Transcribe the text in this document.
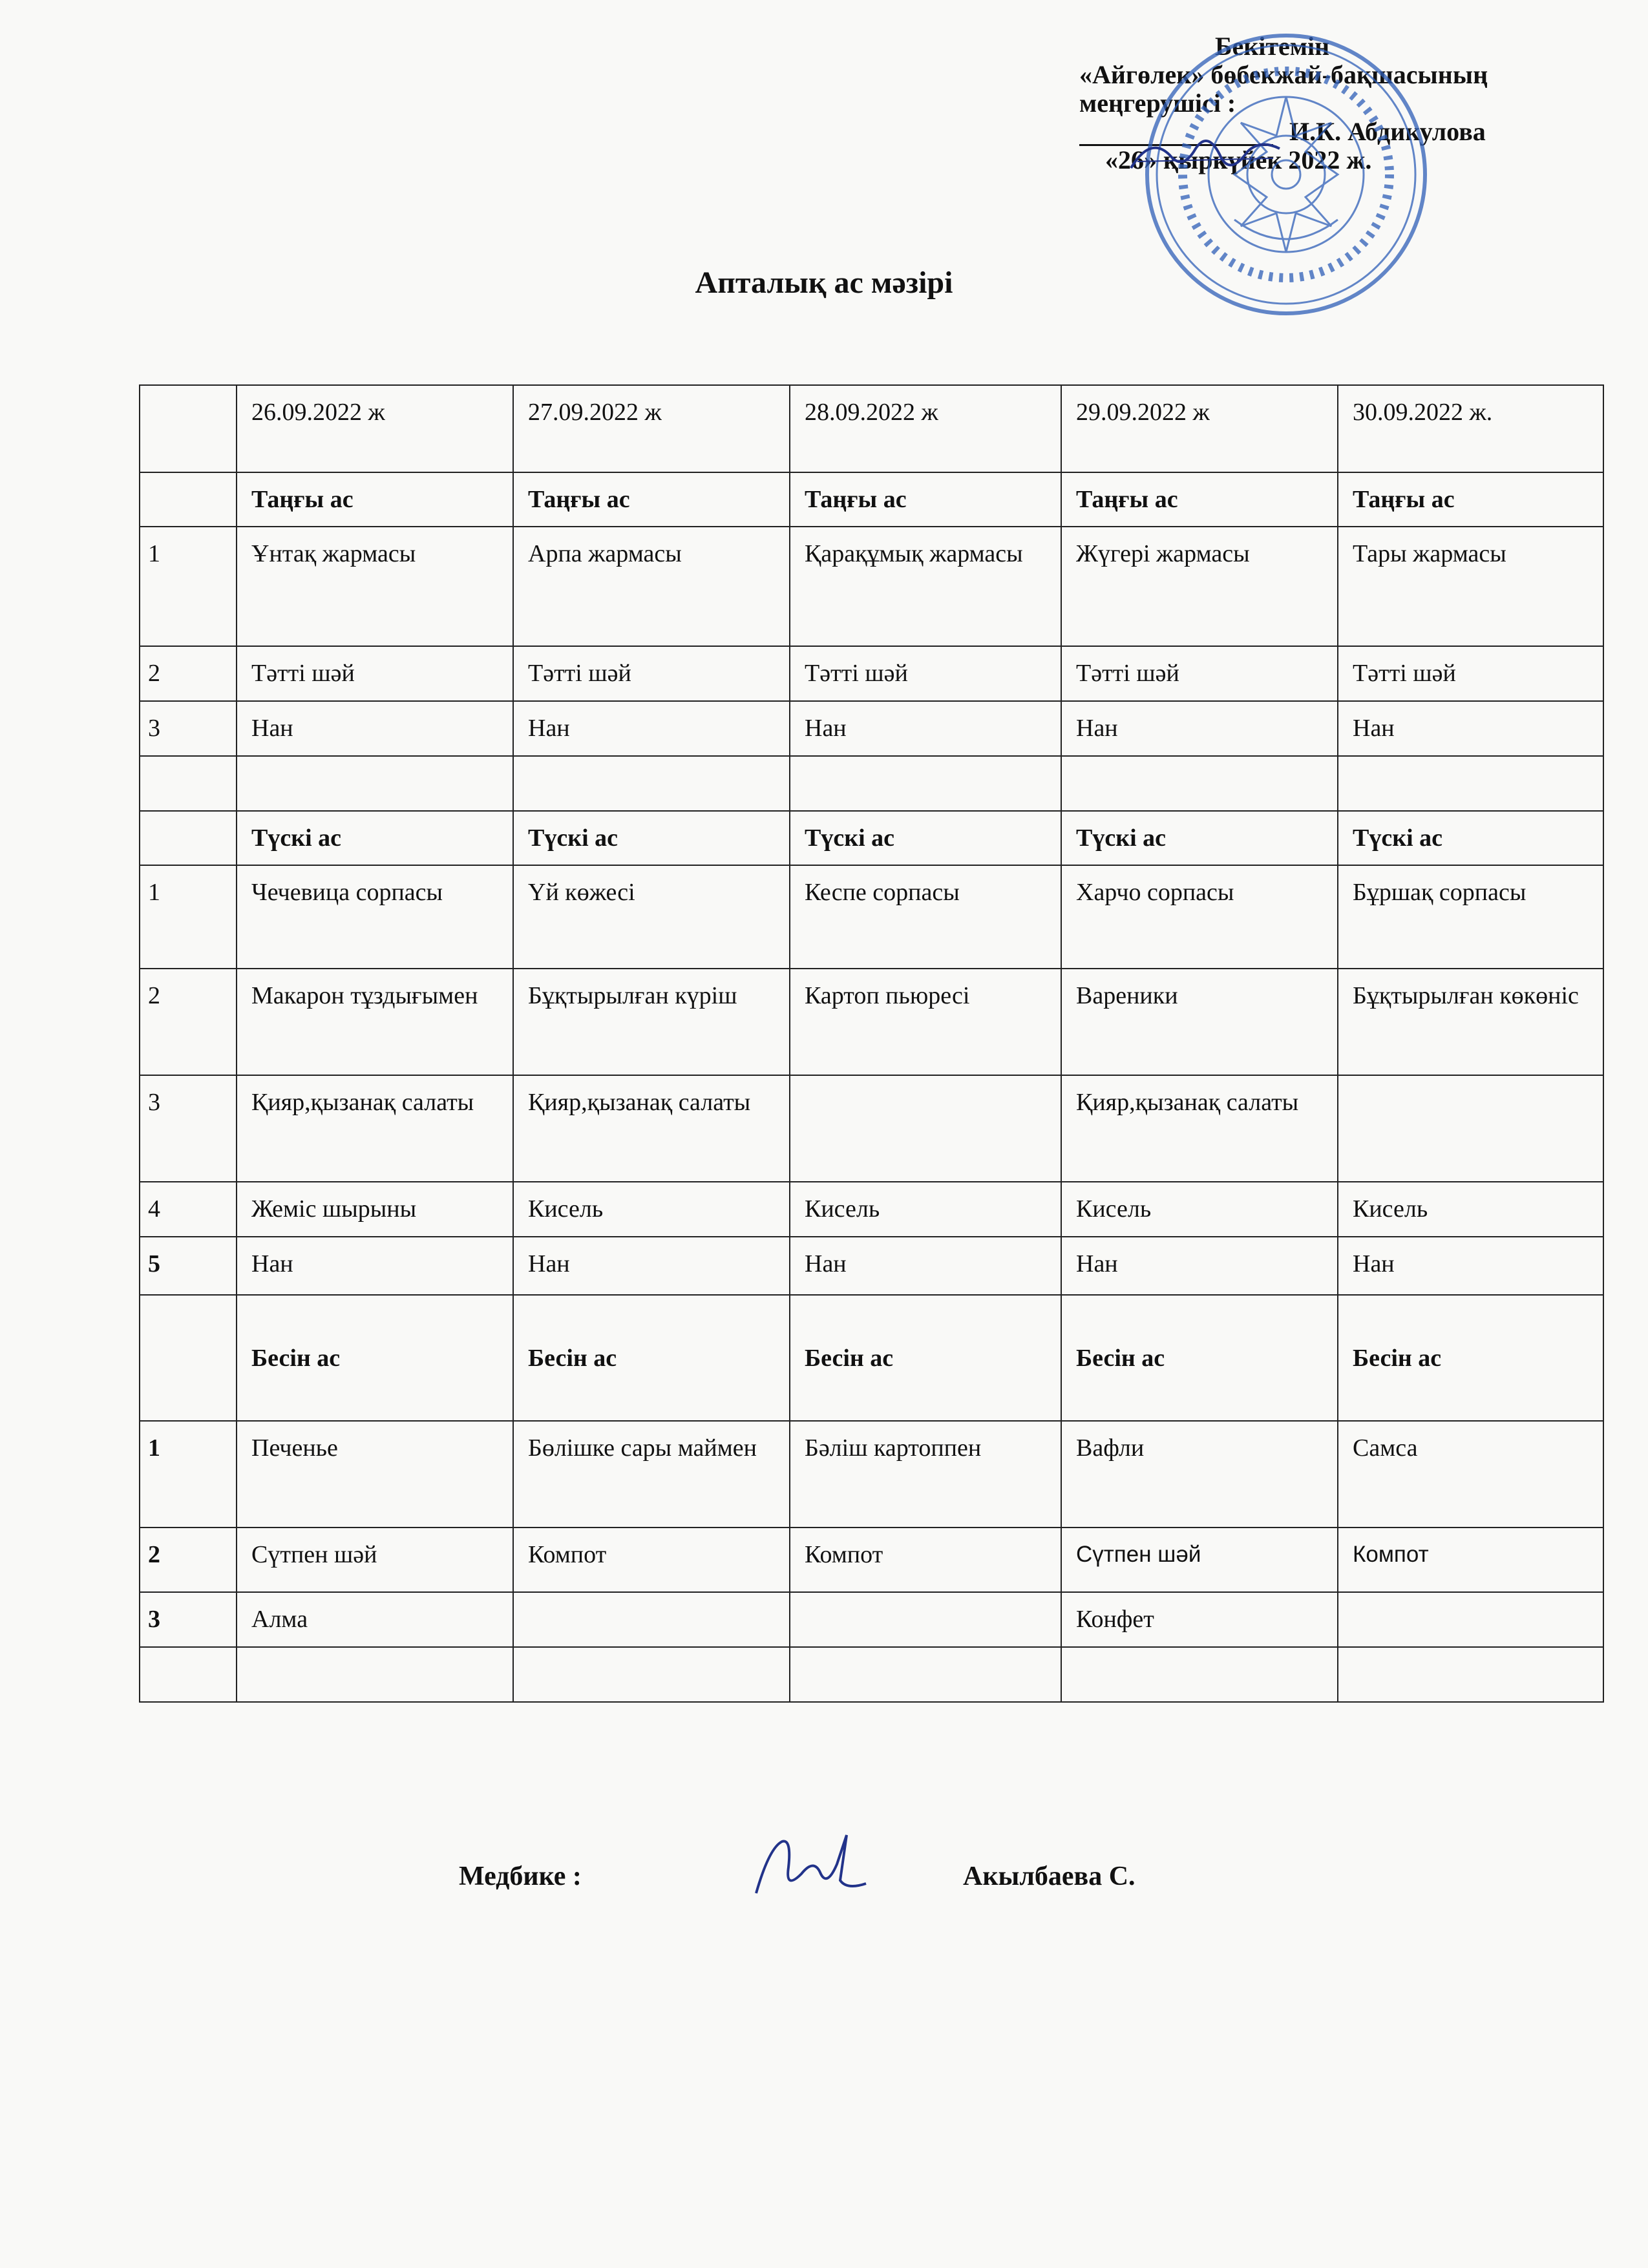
Бекітемін
«Айгөлек» бөбекжай-бақшасының
меңгерушісі :
И.К. Абдикулова
«26» қыркүйек 2022 ж.
Апталық ас мәзірі
	26.09.2022 ж	27.09.2022 ж	28.09.2022 ж	29.09.2022 ж	30.09.2022 ж.
	Таңғы ас	Таңғы ас	Таңғы ас	Таңғы ас	Таңғы ас
1	Ұнтақ жармасы	Арпа жармасы	Қарақұмық жармасы	Жүгері жармасы	Тары жармасы
2	Тәтті шәй	Тәтті шәй	Тәтті шәй	Тәтті шәй	Тәтті шәй
3	Нан	Нан	Нан	Нан	Нан

	Түскі ас	Түскі ас	Түскі ас	Түскі ас	Түскі ас
1	Чечевица сорпасы	Үй көжесі	Кеспе сорпасы	Харчо сорпасы	Бұршақ сорпасы
2	Макарон тұздығымен	Бұқтырылған күріш	Картоп пьюресі	Вареники	Бұқтырылған көкөніс
3	Қияр,қызанақ салаты	Қияр,қызанақ салаты		Қияр,қызанақ салаты	
4	Жеміс шырыны	Кисель	Кисель	Кисель	Кисель
5	Нан	Нан	Нан	Нан	Нан
	Бесін ас	Бесін ас	Бесін ас	Бесін ас	Бесін ас
1	Печенье	Бөлішке сары маймен	Бәліш картоппен	Вафли	Самса
2	Сүтпен шәй	Компот	Компот	Сүтпен шәй	Компот
3	Алма			Конфет	

Медбике :	Акылбаева С.
